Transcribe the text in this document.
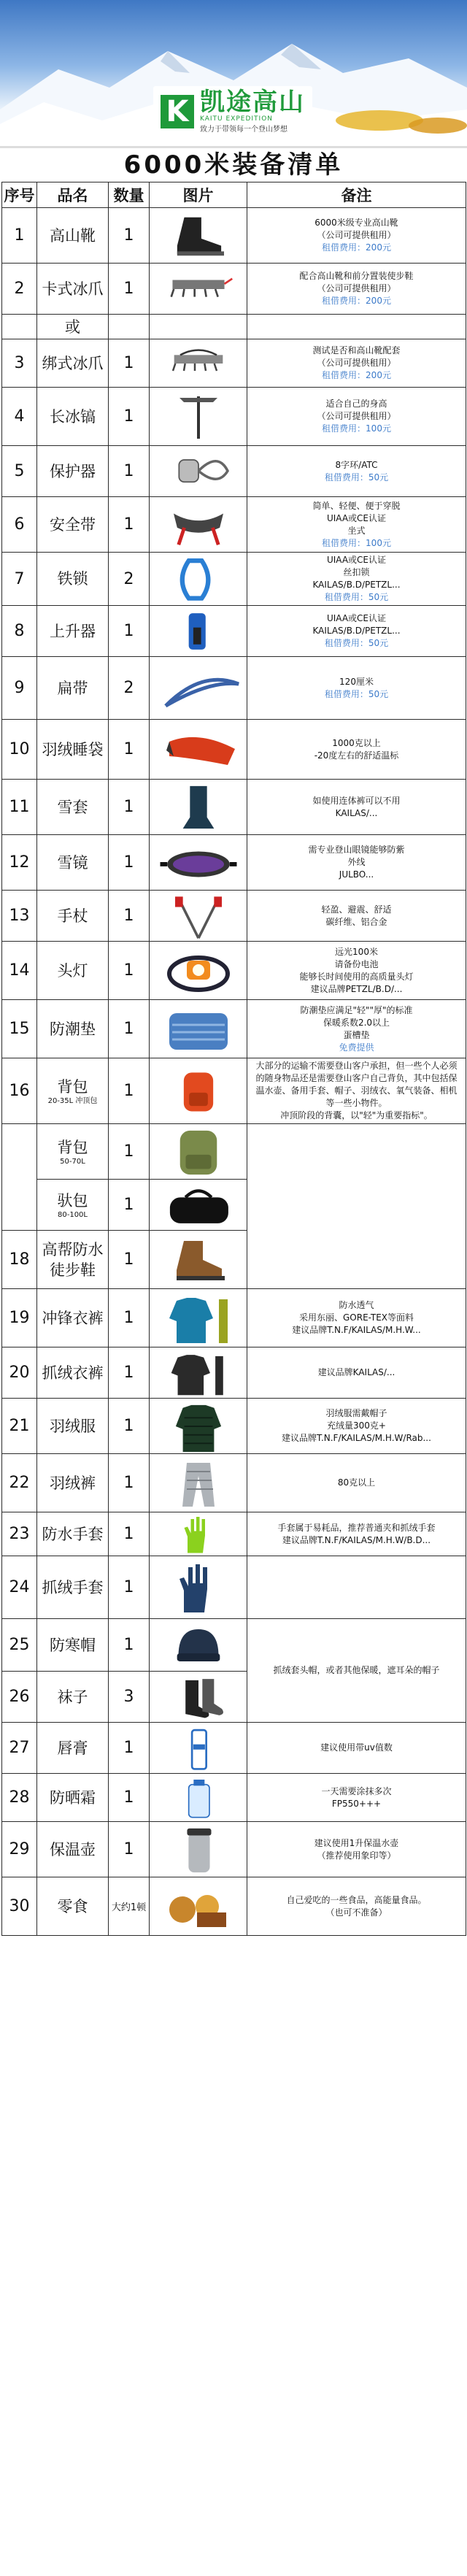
K 凯途高山
KAITU EXPEDITION
致力于带领每一个登山梦想
6000米装备清单
序号	品名	数量	图片	备注
1	高山靴	1		6000米级专业高山靴
（公司可提供租用）
租借费用：200元

2	卡式冰爪	1		配合高山靴和前分置装使步鞋
（公司可提供租用）
租借费用：200元

	或			
3	绑式冰爪	1		测试是否和高山靴配套
（公司可提供租用）
租借费用：200元

4	长冰镐	1		适合自己的身高
（公司可提供租用）
租借费用：100元

5	保护器	1		8字环/ATC
租借费用：50元

6	安全带	1		简单、轻便、便于穿脱
UIAA或CE认证
坐式
租借费用：100元

7	铁锁	2		UIAA或CE认证
丝扣锁
KAILAS/B.D/PETZL...
租借费用：50元

8	上升器	1		UIAA或CE认证
KAILAS/B.D/PETZL...
租借费用：50元

9	扁带	2		120厘米
租借费用：50元

10	羽绒睡袋	1		1000克以上
-20度左右的舒适温标

11	雪套	1		如使用连体裤可以不用
KAILAS/...

12	雪镜	1		需专业登山眼镜能够防紫
外线
JULBO...

13	手杖	1		轻盈、避震、舒适
碳纤维、铝合金

14	头灯	1		远光100米
请备份电池
能够长时间使用的高质量头灯
建议品牌PETZL/B.D/...

15	防潮垫	1		防潮垫应满足"轻""厚"的标准
保暖系数2.0以上
蛋槽垫
免费提供

16	背包
20-35L 冲顶包	1		大部分的运输不需要登山客户承担，但一些个人必须的随身物品还是需要登山客户自己背负，其中包括保温水壶、备用手套、帽子、羽绒衣、氧气装备、相机等一些小物件。
冲顶阶段的背囊，以"轻"为重要指标"。

	背包
50-70L	1	

	驮包
80-100L	1	

18	高帮防水徒步鞋	1	

19	冲锋衣裤	1		防水透气
采用东丽、GORE-TEX等面料
建议品牌T.N.F/KAILAS/M.H.W...

20	抓绒衣裤	1		建议品牌KAILAS/...

21	羽绒服	1		羽绒服需戴帽子
充绒量300克+
建议品牌T.N.F/KAILAS/M.H.W/Rab...

22	羽绒裤	1		80克以上

23	防水手套	1		手套属于易耗品，推荐普通夹和抓绒手套
建议品牌T.N.F/KAILAS/M.H.W/B.D...

24	抓绒手套	1	

25	防寒帽	1		抓绒套头帽，或者其他保暖，遮耳朵的帽子

26	袜子	3	

27	唇膏	1		建议使用带uv值数

28	防晒霜	1		一天需要涂抹多次
FP550+++

29	保温壶	1		建议使用1升保温水壶
（推荐使用象印等）

30	零食	大约1顿		自己爱吃的一些食品，高能量食品。
（也可不准备）
